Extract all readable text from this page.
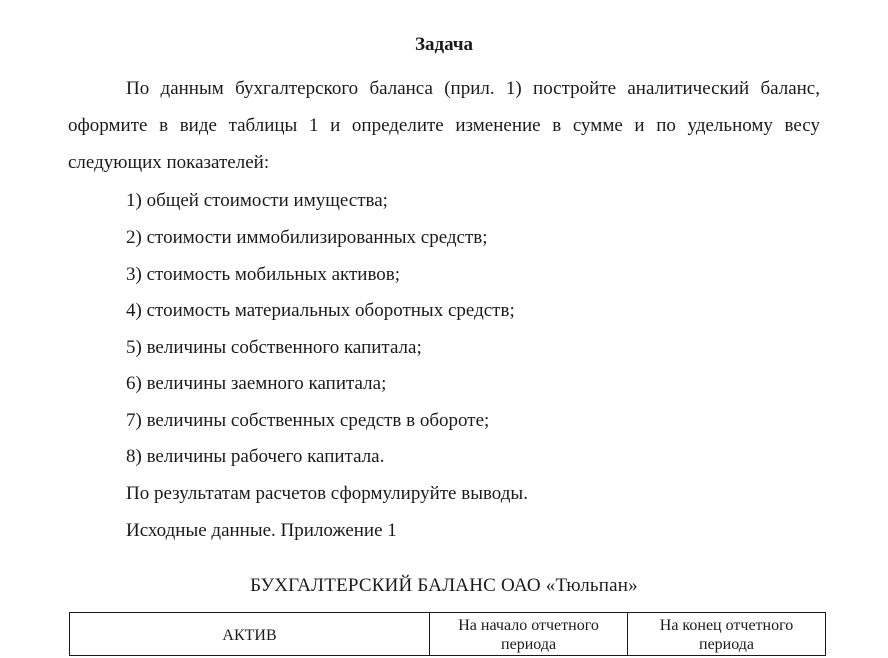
Задача
По данным бухгалтерского баланса (прил. 1) постройте аналитический баланс, оформите в виде таблицы 1 и определите изменение в сумме и по удельному весу следующих показателей:
1) общей стоимости имущества;
2) стоимости иммобилизированных средств;
3) стоимость мобильных активов;
4) стоимость материальных оборотных средств;
5) величины собственного капитала;
6) величины заемного капитала;
7) величины собственных средств в обороте;
8) величины рабочего капитала.
По результатам расчетов сформулируйте выводы.
Исходные данные. Приложение 1
БУХГАЛТЕРСКИЙ БАЛАНС ОАО «Тюльпан»
АКТИВ	На начало отчетного периода	На конец отчетного периода
